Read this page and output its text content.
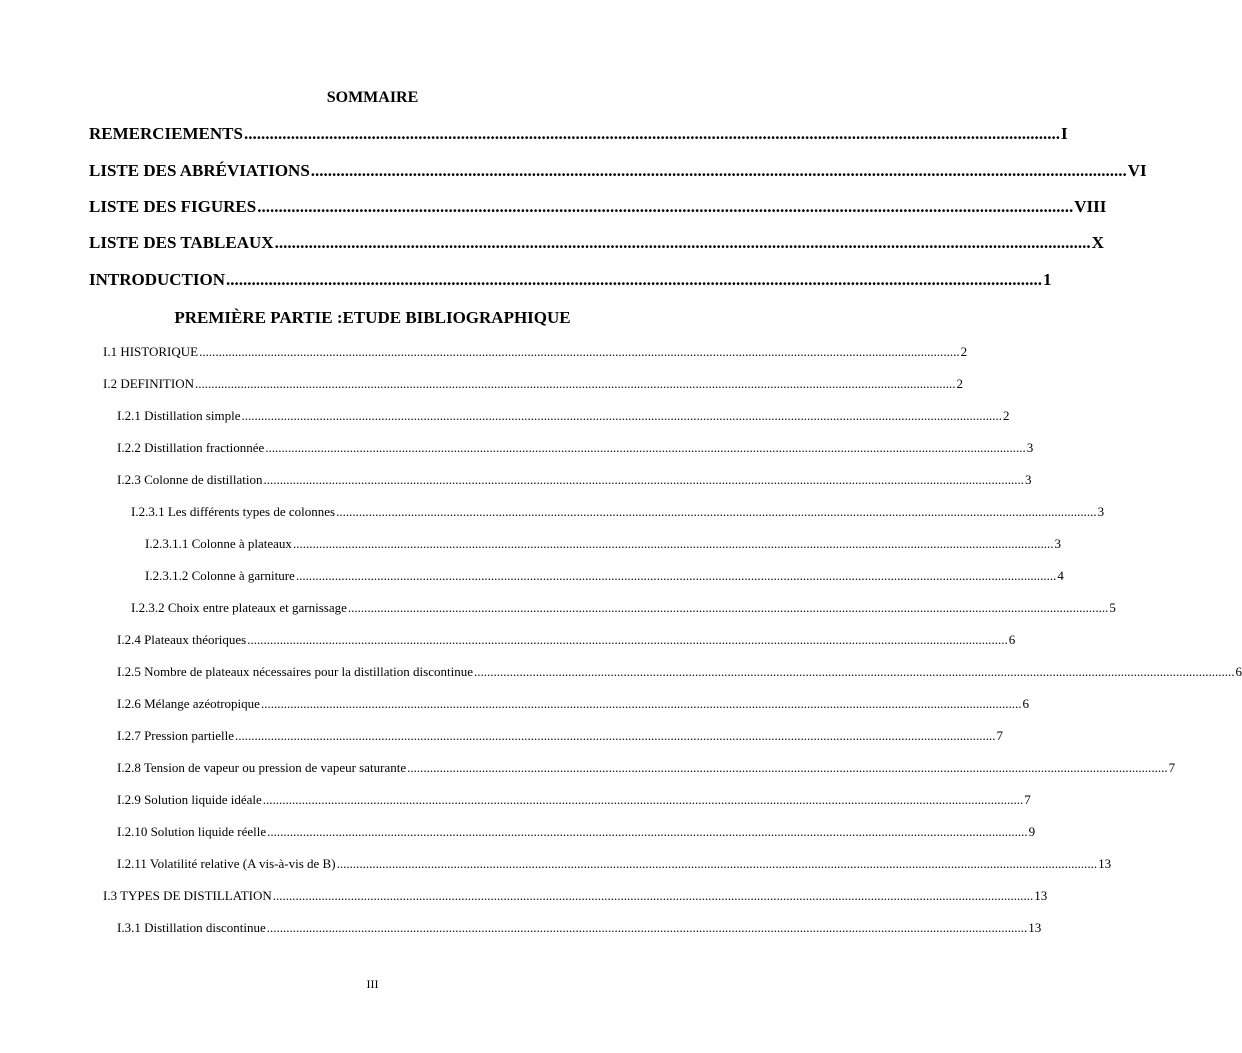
SOMMAIRE
REMERCIEMENTS ................................................................................................................................................................................................ I
LISTE DES ABRÉVIATIONS ................................................................................................................................................................................................ VI
LISTE DES FIGURES ................................................................................................................................................................................................ VIII
LISTE DES TABLEAUX ................................................................................................................................................................................................ X
INTRODUCTION ................................................................................................................................................................................................ 1
PREMIÈRE PARTIE :ETUDE BIBLIOGRAPHIQUE
I.1 HISTORIQUE .......................................................................................................................................................................................................................................... 2
I.2 DEFINITION .......................................................................................................................................................................................................................................... 2
I.2.1 Distillation simple .......................................................................................................................................................................................................................................... 2
I.2.2 Distillation fractionnée .......................................................................................................................................................................................................................................... 3
I.2.3 Colonne de distillation .......................................................................................................................................................................................................................................... 3
I.2.3.1 Les différents types de colonnes .......................................................................................................................................................................................................................................... 3
I.2.3.1.1 Colonne à plateaux .......................................................................................................................................................................................................................................... 3
I.2.3.1.2 Colonne à garniture .......................................................................................................................................................................................................................................... 4
I.2.3.2 Choix entre plateaux et garnissage .......................................................................................................................................................................................................................................... 5
I.2.4 Plateaux théoriques .......................................................................................................................................................................................................................................... 6
I.2.5 Nombre de plateaux nécessaires pour la distillation discontinue .......................................................................................................................................................................................................................................... 6
I.2.6 Mélange azéotropique .......................................................................................................................................................................................................................................... 6
I.2.7 Pression partielle .......................................................................................................................................................................................................................................... 7
I.2.8 Tension de vapeur ou pression de vapeur saturante .......................................................................................................................................................................................................................................... 7
I.2.9 Solution liquide idéale .......................................................................................................................................................................................................................................... 7
I.2.10 Solution liquide réelle .......................................................................................................................................................................................................................................... 9
I.2.11 Volatilité relative (A vis-à-vis de B) .......................................................................................................................................................................................................................................... 13
I.3 TYPES DE DISTILLATION .......................................................................................................................................................................................................................................... 13
I.3.1 Distillation discontinue .......................................................................................................................................................................................................................................... 13
III
